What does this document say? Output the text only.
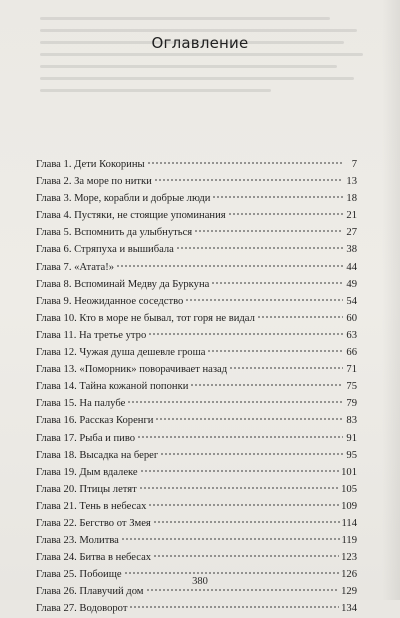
Оглавление
Глава 1. Дети Кокорины	7
Глава 2. За море по нитки	13
Глава 3. Море, корабли и добрые люди	18
Глава 4. Пустяки, не стоящие упоминания	21
Глава 5. Вспомнить да улыбнуться	27
Глава 6. Стряпуха и вышибала	38
Глава 7. «Атата!»	44
Глава 8. Вспоминай Медву да Буркуна	49
Глава 9. Неожиданное соседство	54
Глава 10. Кто в море не бывал, тот горя не видал	60
Глава 11. На третье утро	63
Глава 12. Чужая душа дешевле гроша	66
Глава 13. «Поморник» поворачивает назад	71
Глава 14. Тайна кожаной попонки	75
Глава 15. На палубе	79
Глава 16. Рассказ Коренги	83
Глава 17. Рыба и пиво	91
Глава 18. Высадка на берег	95
Глава 19. Дым вдалеке	101
Глава 20. Птицы летят	105
Глава 21. Тень в небесах	109
Глава 22. Бегство от Змея	114
Глава 23. Молитва	119
Глава 24. Битва в небесах	123
Глава 25. Побоище	126
Глава 26. Плавучий дом	129
Глава 27. Водоворот	134
380
